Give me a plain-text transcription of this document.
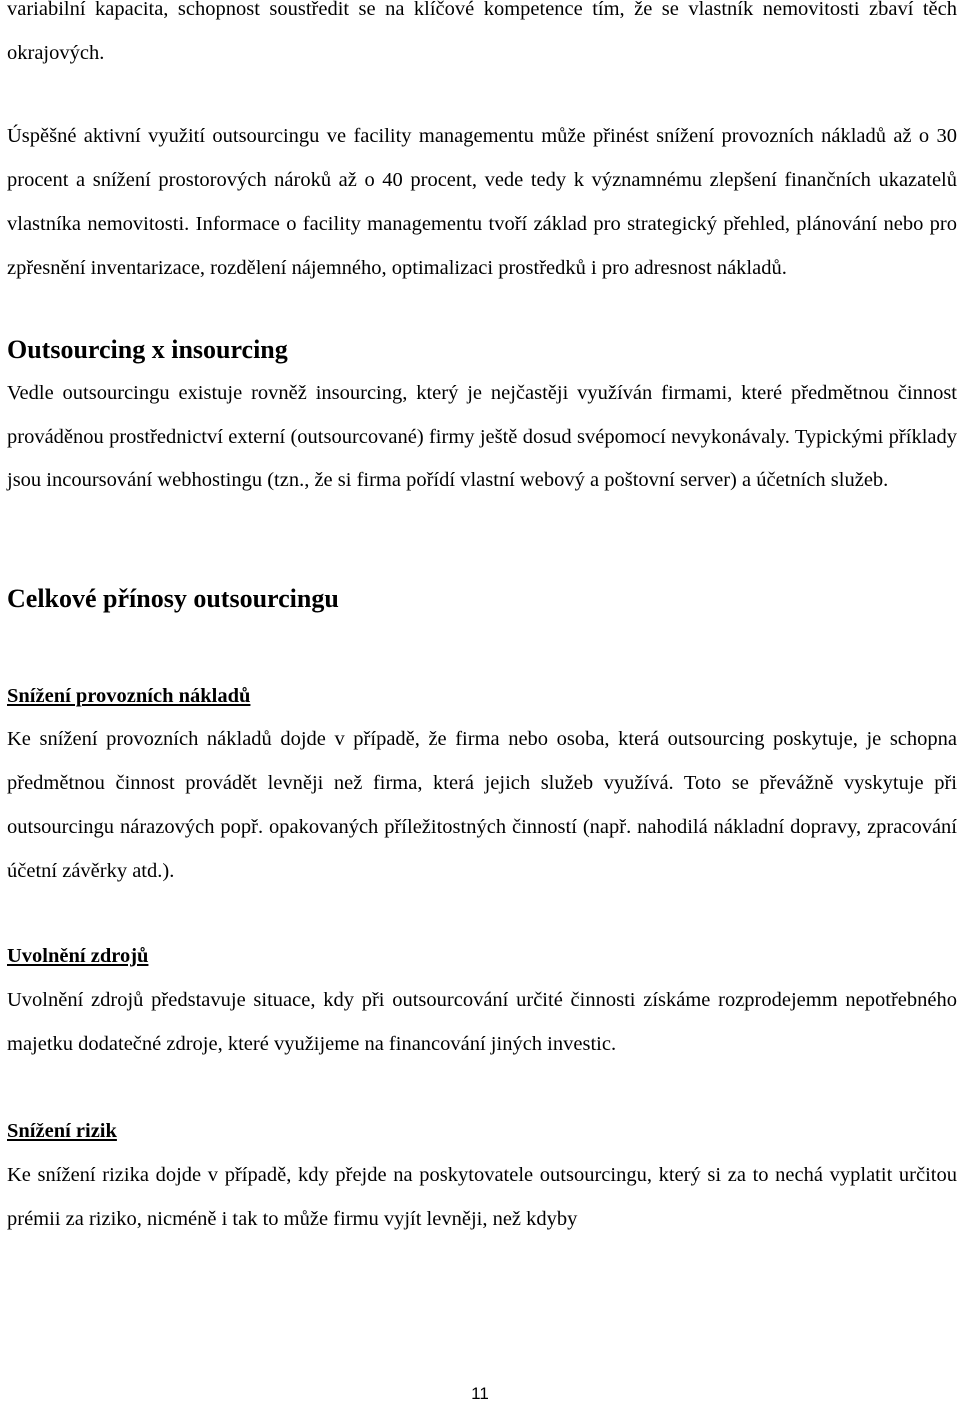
variabilní kapacita, schopnost soustředit se na klíčové kompetence tím, že se vlastník nemovitosti zbaví těch okrajových.

Úspěšné aktivní využití outsourcingu ve facility managementu může přinést snížení provozních nákladů až o 30 procent a snížení prostorových nároků až o 40 procent, vede tedy k významnému zlepšení finančních ukazatelů vlastníka nemovitosti. Informace o facility managementu tvoří základ pro strategický přehled, plánování nebo pro zpřesnění inventarizace, rozdělení nájemného, optimalizaci prostředků i pro adresnost nákladů.

Outsourcing x insourcing

Vedle outsourcingu existuje rovněž insourcing, který je nejčastěji využíván firmami, které předmětnou činnost prováděnou prostřednictví externí (outsourcované) firmy ještě dosud svépomocí nevykonávaly. Typickými příklady jsou incoursování webhostingu (tzn., že si firma pořídí vlastní webový a poštovní server) a účetních služeb.

Celkové přínosy outsourcingu
Snížení provozních nákladů

Ke snížení provozních nákladů dojde v případě, že firma nebo osoba, která outsourcing poskytuje, je schopna předmětnou činnost provádět levněji než firma, která jejich služeb využívá. Toto se převážně vyskytuje při outsourcingu nárazových popř. opakovaných příležitostných činností (např. nahodilá nákladní dopravy, zpracování účetní závěrky atd.).

Uvolnění zdrojů

Uvolnění zdrojů představuje situace, kdy při outsourcování určité činnosti získáme rozprodejemm nepotřebného majetku dodatečné zdroje, které využijeme na financování jiných investic.

Snížení rizik

Ke snížení rizika dojde v případě, kdy přejde na poskytovatele outsourcingu, který si za to nechá vyplatit určitou prémii za riziko, nicméně i tak to může firmu vyjít levněji, než kdyby

11
